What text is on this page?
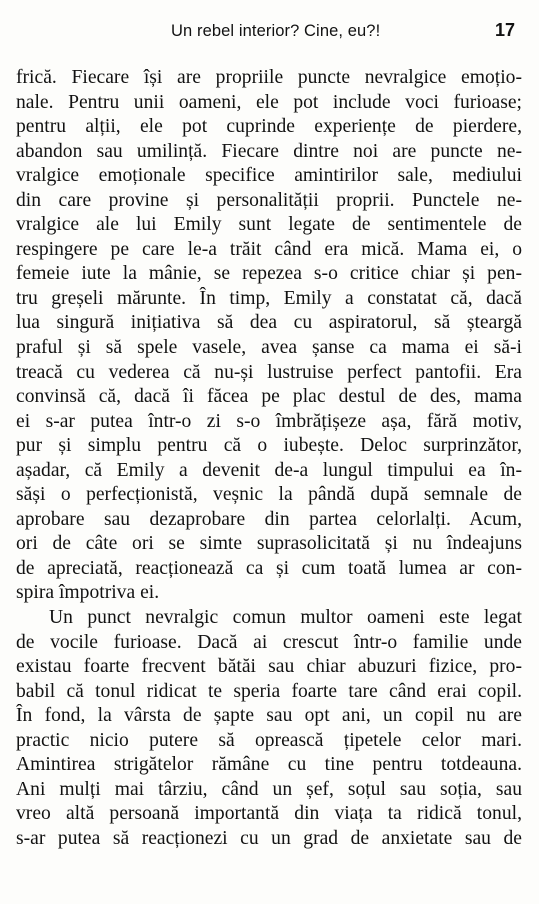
Un rebel interior? Cine, eu?!	17
frică. Fiecare își are propriile puncte nevralgice emoțio-
nale. Pentru unii oameni, ele pot include voci furioase;
pentru alții, ele pot cuprinde experiențe de pierdere,
abandon sau umilință. Fiecare dintre noi are puncte ne-
vralgice emoționale specifice amintirilor sale, mediului
din care provine și personalității proprii. Punctele ne-
vralgice ale lui Emily sunt legate de sentimentele de
respingere pe care le-a trăit când era mică. Mama ei, o
femeie iute la mânie, se repezea s-o critice chiar și pen-
tru greșeli mărunte. În timp, Emily a constatat că, dacă
lua singură inițiativa să dea cu aspiratorul, să șteargă
praful și să spele vasele, avea șanse ca mama ei să-i
treacă cu vederea că nu-și lustruise perfect pantofii. Era
convinsă că, dacă îi făcea pe plac destul de des, mama
ei s-ar putea într-o zi s-o îmbrățișeze așa, fără motiv,
pur și simplu pentru că o iubește. Deloc surprinzător,
așadar, că Emily a devenit de-a lungul timpului ea în-
săși o perfecționistă, veșnic la pândă după semnale de
aprobare sau dezaprobare din partea celorlalți. Acum,
ori de câte ori se simte suprasolicitată și nu îndeajuns
de apreciată, reacționează ca și cum toată lumea ar con-
spira împotriva ei.
Un punct nevralgic comun multor oameni este legat
de vocile furioase. Dacă ai crescut într-o familie unde
existau foarte frecvent bătăi sau chiar abuzuri fizice, pro-
babil că tonul ridicat te speria foarte tare când erai copil.
În fond, la vârsta de șapte sau opt ani, un copil nu are
practic nicio putere să oprească țipetele celor mari.
Amintirea strigătelor rămâne cu tine pentru totdeauna.
Ani mulți mai târziu, când un șef, soțul sau soția, sau
vreo altă persoană importantă din viața ta ridică tonul,
s-ar putea să reacționezi cu un grad de anxietate sau de
